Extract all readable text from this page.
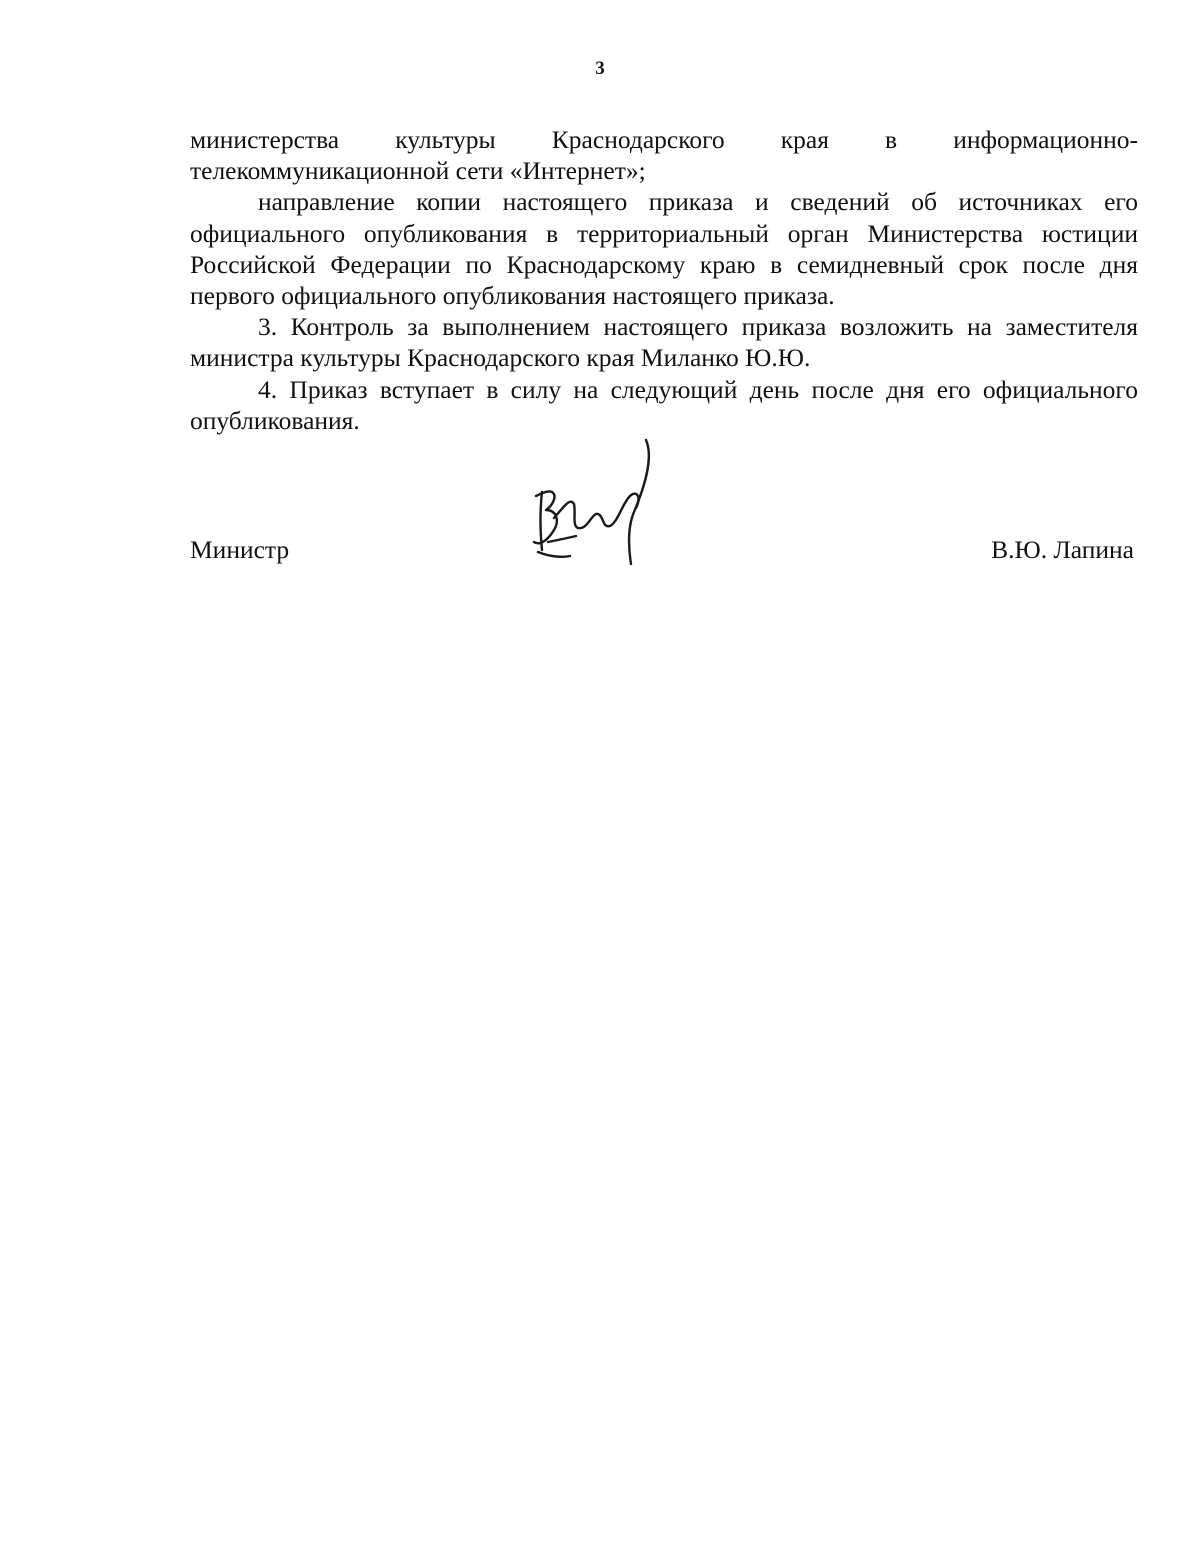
3

министерства культуры Краснодарского края в информационно-

телекоммуникационной сети «Интернет»;

направление копии настоящего приказа и сведений об источниках его официального опубликования в территориальный орган Министерства юстиции Российской Федерации по Краснодарскому краю в семидневный срок после дня первого официального опубликования настоящего приказа.

3. Контроль за выполнением настоящего приказа возложить на заместителя министра культуры Краснодарского края Миланко Ю.Ю.

4. Приказ вступает в силу на следующий день после дня его официального опубликования.

Министр	В.Ю. Лапина
